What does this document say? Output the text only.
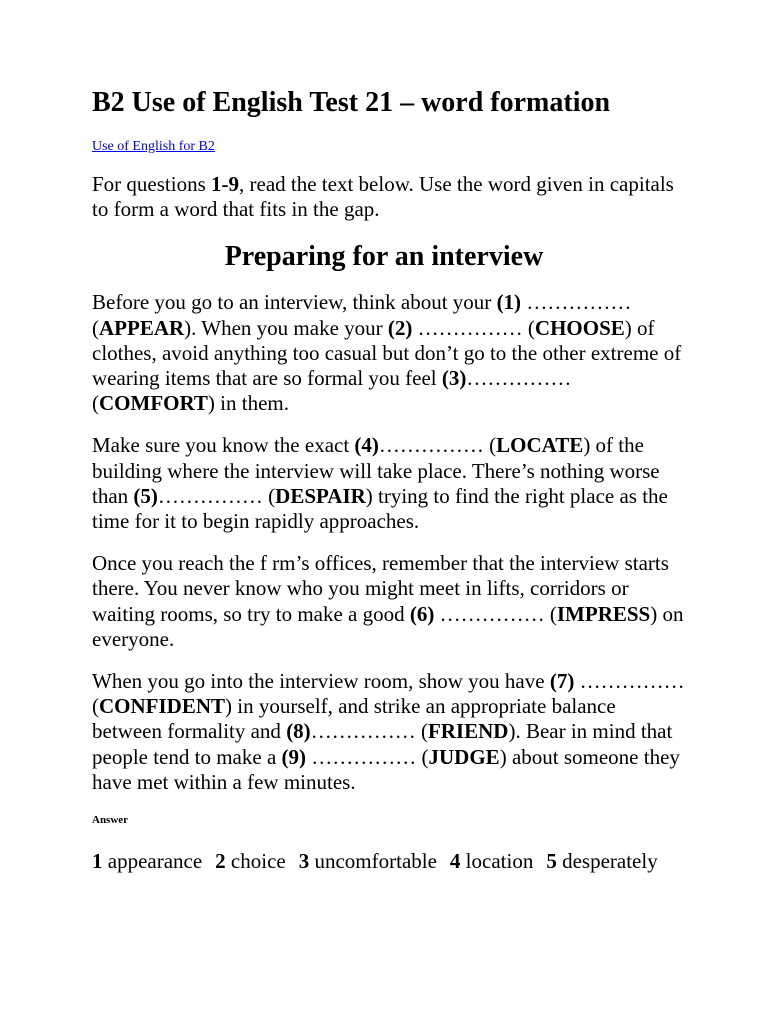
B2 Use of English Test 21 – word formation
Use of English for B2

For questions 1-9, read the text below. Use the word given in capitals to form a word that fits in the gap.

Preparing for an interview

Before you go to an interview, think about your (1) …………… (APPEAR). When you make your (2) …………… (CHOOSE) of clothes, avoid anything too casual but don’t go to the other extreme of wearing items that are so formal you feel (3)…………… (COMFORT) in them.

Make sure you know the exact (4)…………… (LOCATE) of the building where the interview will take place. There’s nothing worse than (5)…………… (DESPAIR) trying to find the right place as the time for it to begin rapidly approaches.

Once you reach the f rm’s offices, remember that the interview starts there. You never know who you might meet in lifts, corridors or waiting rooms, so try to make a good (6) …………… (IMPRESS) on everyone.

When you go into the interview room, show you have (7) …………… (CONFIDENT) in yourself, and strike an appropriate balance between formality and (8)…………… (FRIEND). Bear in mind that people tend to make a (9) …………… (JUDGE) about someone they have met within a few minutes.

Answer

1 appearance 2 choice 3 uncomfortable 4 location 5 desperately
